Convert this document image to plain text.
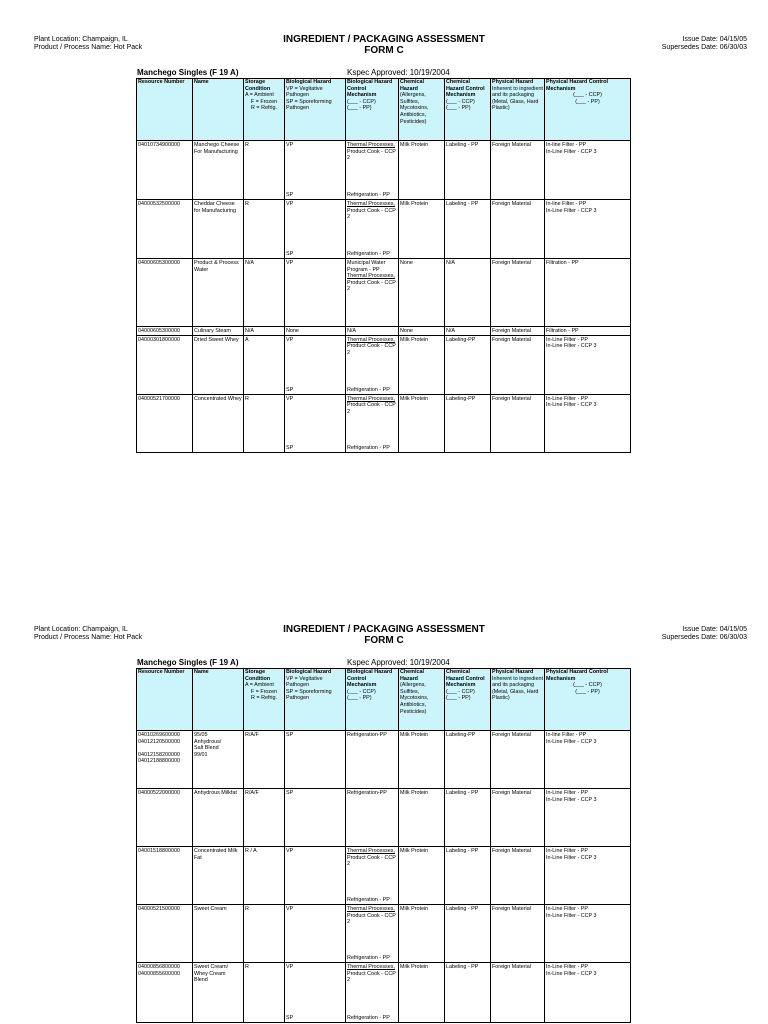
Plant Location: Champaign, IL
Product / Process Name: Hot Pack
INGREDIENT / PACKAGING ASSESSMENT
FORM C
Issue Date: 04/15/05
Supersedes Date: 06/30/03
Manchego Singles (F 19 A)	Kspec Approved: 10/19/2004
Resource Number	Name	Storage Condition
A = Ambient

F = Frozen
R = Refrig.	Biological Hazard
VP = Vegitative
Pathogen
SP = Sporeforming
Pathogen	Biological Hazard Control Mechanism
(___ - CCP)
(___ - PP)	Chemical Hazard
(Allergens, Sulfites, Mycotoxins, Antibiotics, Pesticides)	Chemical Hazard Control Mechanism
(___ - CCP)
(___ - PP)	Physical Hazard
Inherent to ingredient and its packaging (Metal, Glass, Hard Plastic)	Physical Hazard Control Mechanism

(___ - CCP)
(___ - PP)

04010734900000	Manchego Cheese For Manufacturing	R	VP
SP	Thermal Processes,
Product Cook - CCP 2
Refrigeration - PP	Milk Protein	Labeling - PP	Foreign Material	In-line Filter - PP
In-Line Filter - CCP 3
04000532500000	Cheddar Cheese for Manufacturing	R	VP
SP	Thermal Processes,
Product Cook - CCP 2
Refrigeration - PP	Milk Protein	Labeling - PP	Foreign Material	In-line Filter - PP
In-Line Filter - CCP 3
04000605300000	Product & Process Water	N/A	VP	Municipal Water Program - PP
Thermal Processes,
Product Cook - CCP 2	None	N/A	Foreign Material	Filtration - PP
04000605300000	Culinary Steam	N/A	None	N/A	None	N/A	Foreign Material	Filtration - PP
04000301800000	Dried Sweet Whey	A	VP
SP	Thermal Processes,
Product Cook - CCP 2
Refrigeration - PP	Milk Protein	Labeling-PP	Foreign Material	In-Line Filter - PP
In-Line Filter - CCP 3
04000521700000	Concentrated Whey	R	VP
SP	Thermal Processes,
Product Cook - CCP 2
Refrigeration - PP	Milk Protein	Labeling-PP	Foreign Material	In-Line Filter - PP
In-Line Filter - CCP 3
Plant Location: Champaign, IL
Product / Process Name: Hot Pack
INGREDIENT / PACKAGING ASSESSMENT
FORM C
Issue Date: 04/15/05
Supersedes Date: 06/30/03
Manchego Singles (F 19 A)	Kspec Approved: 10/19/2004
Resource Number	Name	Storage Condition
A = Ambient

F = Frozen
R = Refrig.	Biological Hazard
VP = Vegitative
Pathogen
SP = Sporeforming
Pathogen	Biological Hazard Control Mechanism
(___ - CCP)
(___ - PP)	Chemical Hazard
(Allergens, Sulfites, Mycotoxins, Antibiotics, Pesticides)	Chemical Hazard Control Mechanism
(___ - CCP)
(___ - PP)	Physical Hazard
Inherent to ingredient and its packaging (Metal, Glass, Hard Plastic)	Physical Hazard Control Mechanism

(___ - CCP)
(___ - PP)

04010269600000
04012120500000

04012158200000
04012188800000	95/05
Anhydrous/
Salt Blend
99/01	R/A/F	SP	Refrigeration-PP	Milk Protein	Labeling-PP	Foreign Material	In-line Filter - PP
In-Line Filter - CCP 3
04000522000000	Anhydrous Milkfat	R/A/F	SP	Refrigeration-PP	Milk Protein	Labeling - PP	Foreign Material	In-Line Filter - PP
In-Line Filter - CCP 3
04001518800000	Concentrated Milk Fat	R / A	VP	Thermal Processes,
Product Cook - CCP 2
Refrigeration - PP	Milk Protein	Labeling - PP	Foreign Material	In-Line Filter - PP
In-Line Filter - CCP 3
04000521500000	Sweet Cream	R	VP	Thermal Processes,
Product Cook - CCP 2
Refrigeration - PP	Milk Protein	Labeling - PP	Foreign Material	In-Line Filter - PP
In-Line Filter - CCP 3
04000856800000
04000855600000	Sweet Cream/
Whey Cream
Blend	R	VP
SP	Thermal Processes,
Product Cook - CCP 2
Refrigeration - PP	Milk Protein	Labeling - PP	Foreign Material	In-Line Filter - PP
In-Line Filter - CCP 3
